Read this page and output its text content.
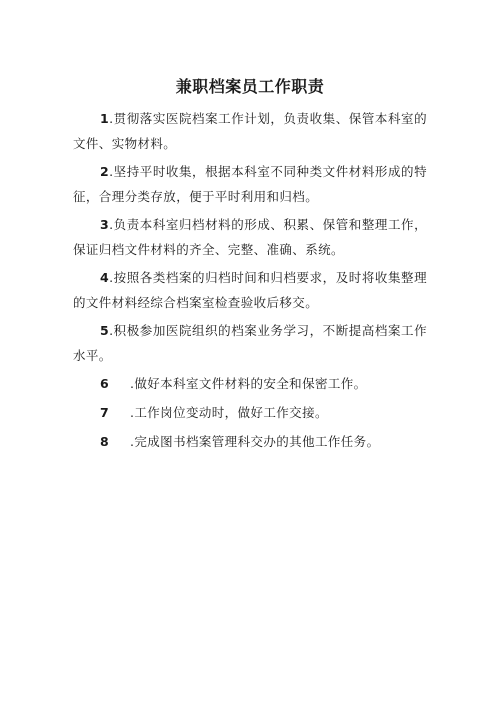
兼职档案员工作职责
1.贯彻落实医院档案工作计划，负责收集、保管本科室的文件、实物材料。
2.坚持平时收集，根据本科室不同种类文件材料形成的特征，合理分类存放，便于平时利用和归档。
3.负责本科室归档材料的形成、积累、保管和整理工作，保证归档文件材料的齐全、完整、准确、系统。
4.按照各类档案的归档时间和归档要求，及时将收集整理的文件材料经综合档案室检查验收后移交。
5.积极参加医院组织的档案业务学习，不断提高档案工作水平。
6	.做好本科室文件材料的安全和保密工作。
7	.工作岗位变动时，做好工作交接。
8	.完成图书档案管理科交办的其他工作任务。
